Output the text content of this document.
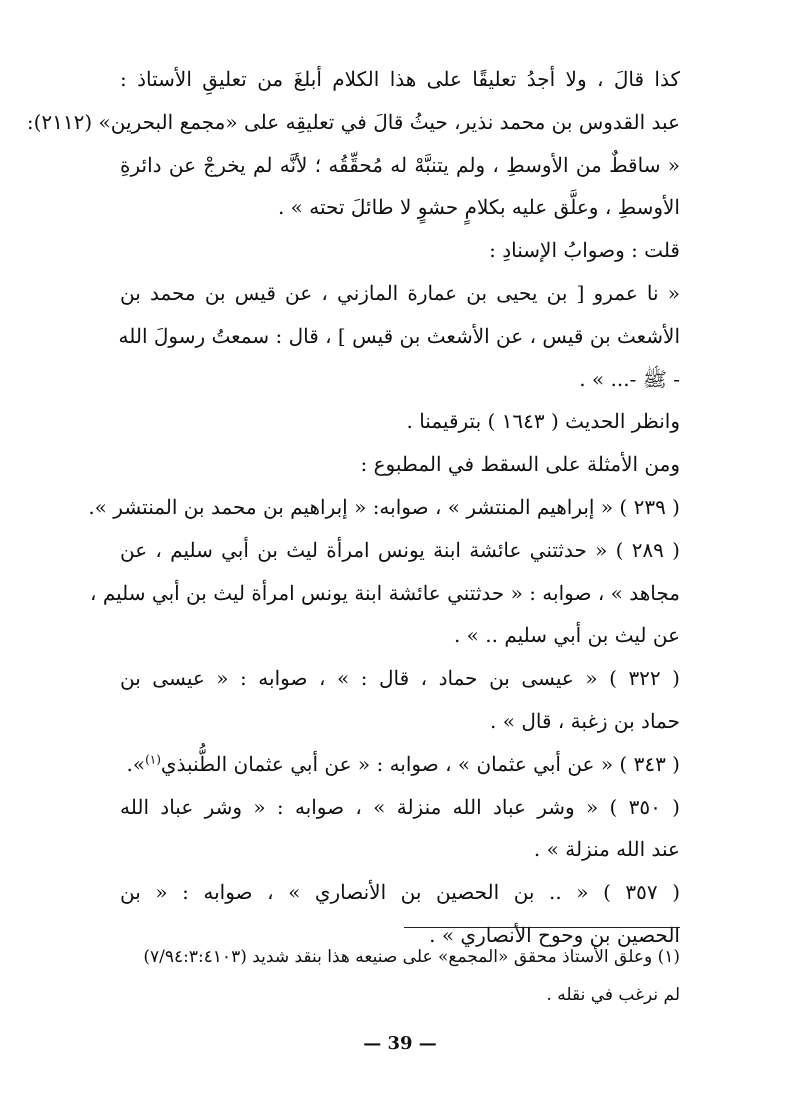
كذا قالَ ، ولا أجدُ تعليقًا على هذا الكلام أبلغَ من تعليقِ الأستاذ :
عبد القدوس بن محمد نذير، حيثُ قالَ في تعليقِه على «مجمع البحرين» (٢١١٢):
« ساقطٌ من الأوسطِ ، ولم يتنبَّهْ له مُحقِّقُه ؛ لأنَّه لم يخرجْ عن دائرةِ
الأوسطِ ، وعلَّق عليه بكلامٍ حشوٍ لا طائلَ تحته » .
قلت : وصوابُ الإسنادِ :
« نا عمرو [ بن يحيى بن عمارة المازني ، عن قيس بن محمد بن
الأشعث بن قيس ، عن الأشعث بن قيس ] ، قال : سمعتُ رسولَ الله
- ﷺ -... » .
وانظر الحديث ( ١٦٤٣ ) بترقيمنا .
ومن الأمثلة على السقط في المطبوع :
( ٢٣٩ ) « إبراهيم المنتشر » ، صوابه: « إبراهيم بن محمد بن المنتشر ».
( ٢٨٩ ) « حدثتني عائشة ابنة يونس امرأة ليث بن أبي سليم ، عن
مجاهد » ، صوابه : « حدثتني عائشة ابنة يونس امرأة ليث بن أبي سليم ،
عن ليث بن أبي سليم .. » .
( ٣٢٢ ) « عيسى بن حماد ، قال : » ، صوابه : « عيسى بن
حماد بن زغبة ، قال » .
( ٣٤٣ ) « عن أبي عثمان » ، صوابه : « عن أبي عثمان الطُّنبذي$^{(١)}$».
( ٣٥٠ ) « وشر عباد الله منزلة » ، صوابه : « وشر عباد الله
عند الله منزلة » .
( ٣٥٧ ) « .. بن الحصين بن الأنصاري » ، صوابه : « بن
الحصين بن وحوح الأنصاري » .
(١) وعلق الأستاذ محقق «المجمع» على صنيعه هذا بنقد شديد (٧/٩٤:٣:٤١٠٣)
لم نرغب في نقله .
— 39 —
